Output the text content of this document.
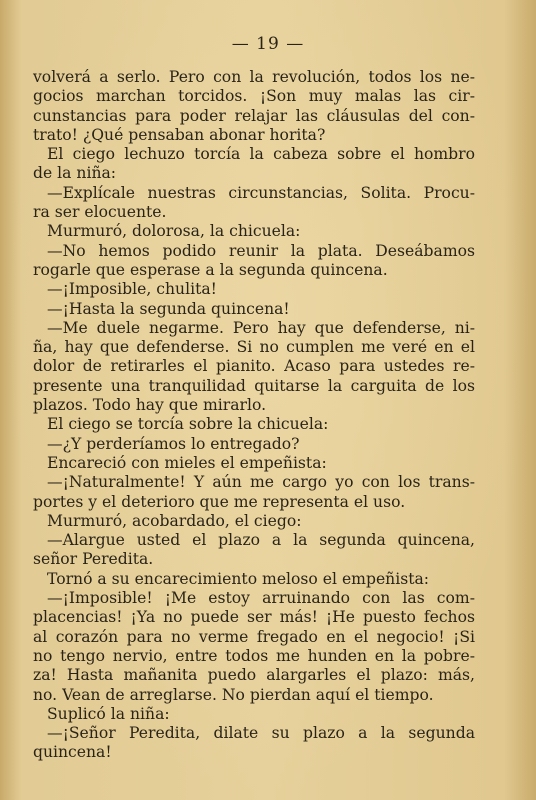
— 19 —

volverá a serlo. Pero con la revolución, todos los ne-
gocios marchan torcidos. ¡Son muy malas las cir-
cunstancias para poder relajar las cláusulas del con-
trato! ¿Qué pensaban abonar horita?

El ciego lechuzo torcía la cabeza sobre el hombro
de la niña:

—Explícale nuestras circunstancias, Solita. Procu-
ra ser elocuente.

Murmuró, dolorosa, la chicuela:

—No hemos podido reunir la plata. Deseábamos
rogarle que esperase a la segunda quincena.

—¡Imposible, chulita!

—¡Hasta la segunda quincena!

—Me duele negarme. Pero hay que defenderse, ni-
ña, hay que defenderse. Si no cumplen me veré en el
dolor de retirarles el pianito. Acaso para ustedes re-
presente una tranquilidad quitarse la carguita de los
plazos. Todo hay que mirarlo.

El ciego se torcía sobre la chicuela:

—¿Y perderíamos lo entregado?

Encareció con mieles el empeñista:

—¡Naturalmente! Y aún me cargo yo con los trans-
portes y el deterioro que me representa el uso.

Murmuró, acobardado, el ciego:

—Alargue usted el plazo a la segunda quincena,
señor Peredita.

Tornó a su encarecimiento meloso el empeñista:

—¡Imposible! ¡Me estoy arruinando con las com-
placencias! ¡Ya no puede ser más! ¡He puesto fechos
al corazón para no verme fregado en el negocio! ¡Si
no tengo nervio, entre todos me hunden en la pobre-
za! Hasta mañanita puedo alargarles el plazo: más,
no. Vean de arreglarse. No pierdan aquí el tiempo.

Suplicó la niña:

—¡Señor Peredita, dilate su plazo a la segunda
quincena!
